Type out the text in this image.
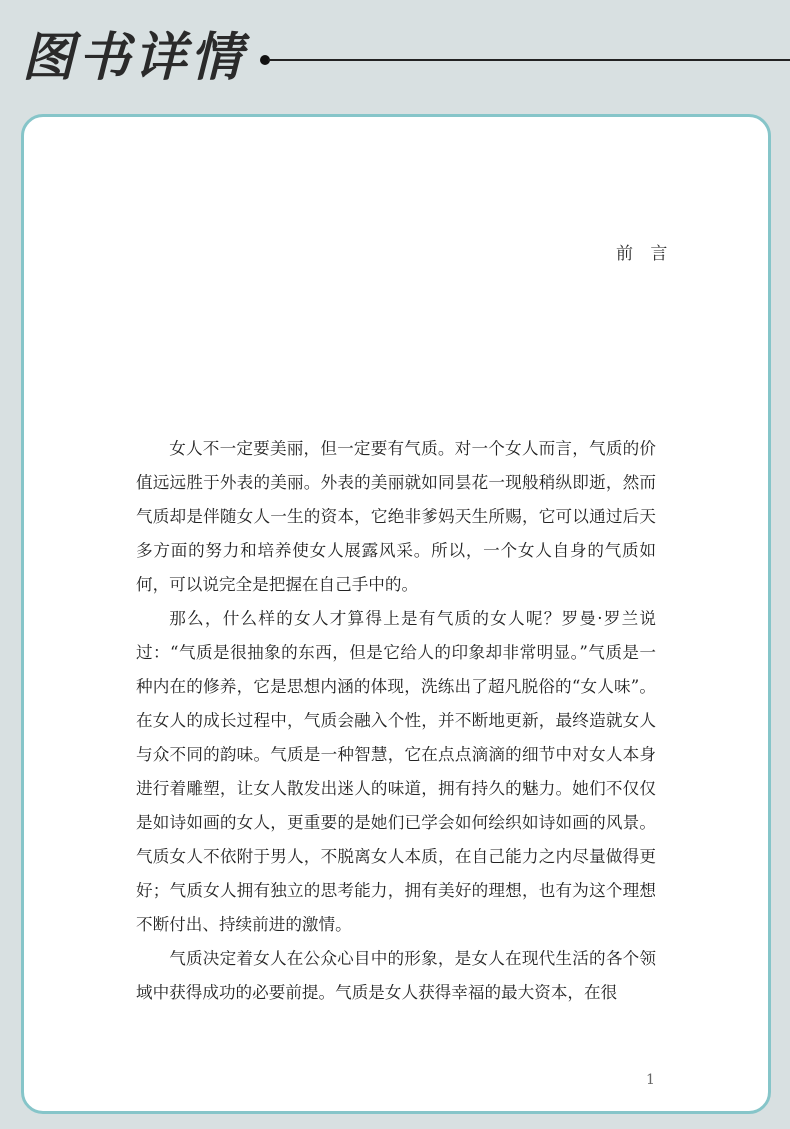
图书详情
前 言

女人不一定要美丽，但一定要有气质。对一个女人而言，气质的价值远远胜于外表的美丽。外表的美丽就如同昙花一现般稍纵即逝，然而气质却是伴随女人一生的资本，它绝非爹妈天生所赐，它可以通过后天多方面的努力和培养使女人展露风采。所以，一个女人自身的气质如何，可以说完全是把握在自己手中的。

那么，什么样的女人才算得上是有气质的女人呢？罗曼·罗兰说过：“气质是很抽象的东西，但是它给人的印象却非常明显。”气质是一种内在的修养，它是思想内涵的体现，洗练出了超凡脱俗的“女人味”。在女人的成长过程中，气质会融入个性，并不断地更新，最终造就女人与众不同的韵味。气质是一种智慧，它在点点滴滴的细节中对女人本身进行着雕塑，让女人散发出迷人的味道，拥有持久的魅力。她们不仅仅是如诗如画的女人，更重要的是她们已学会如何绘织如诗如画的风景。气质女人不依附于男人，不脱离女人本质，在自己能力之内尽量做得更好；气质女人拥有独立的思考能力，拥有美好的理想，也有为这个理想不断付出、持续前进的激情。

气质决定着女人在公众心目中的形象，是女人在现代生活的各个领域中获得成功的必要前提。气质是女人获得幸福的最大资本，在很

1
